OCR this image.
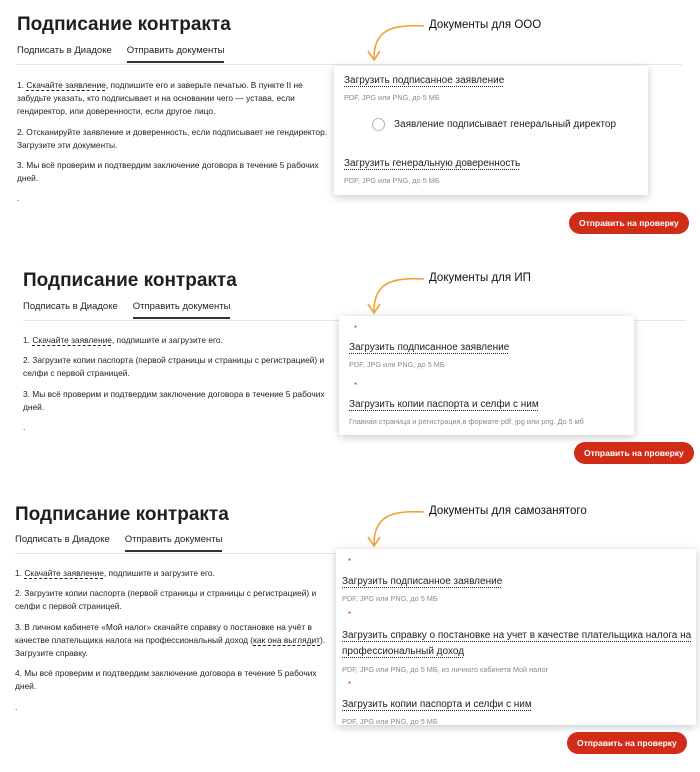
Подписание контракта
Подписать в Диадоке Отправить документы

1. Скачайте заявление, подпишите его и заверьте печатью. В пункте II не забудьте указать, кто подписывает и на основании чего — устава, если гендиректор, или доверенности, если другое лицо.

2. Отсканируйте заявление и доверенность, если подписывает не гендиректор. Загрузите эти документы.

3. Мы всё проверим и подтвердим заключение договора в течение 5 рабочих дней.

.

Загрузить подписанное заявление
PDF, JPG или PNG, до 5 МБ
Заявление подписывает генеральный директор
Загрузить генеральную доверенность
PDF, JPG или PNG, до 5 МБ
Отправить на проверку
Документы для ООО
Подписание контракта
Подписать в Диадоке Отправить документы

1. Скачайте заявление, подпишите и загрузите его.

2. Загрузите копии паспорта (первой страницы и страницы с регистрацией) и селфи с первой страницей.

3. Мы всё проверим и подтвердим заключение договора в течение 5 рабочих дней.

.

*
Загрузить подписанное заявление
PDF, JPG или PNG, до 5 МБ
*
Загрузить копии паспорта и селфи с ним
Главная страница и регистрация,в формате pdf, jpg или png. До 5 мб
Отправить на проверку
Документы для ИП
Подписание контракта
Подписать в Диадоке Отправить документы

1. Скачайте заявление, подпишите и загрузите его.

2. Загрузите копии паспорта (первой страницы и страницы с регистрацией) и селфи с первой страницей.

3. В личном кабинете «Мой налог» скачайте справку о постановке на учёт в качестве плательщика налога на профессиональный доход (как она выглядит). Загрузите справку.

4. Мы всё проверим и подтвердим заключение договора в течение 5 рабочих дней.

.

*
Загрузить подписанное заявление
PDF, JPG или PNG, до 5 МБ
*
Загрузить справку о постановке на учет в качестве плательщика налога на профессиональный доход
PDF, JPG или PNG, до 5 МБ, из личного кабинета Мой налог
*
Загрузить копии паспорта и селфи с ним
PDF, JPG или PNG, до 5 МБ
Отправить на проверку
Документы для самозанятого
